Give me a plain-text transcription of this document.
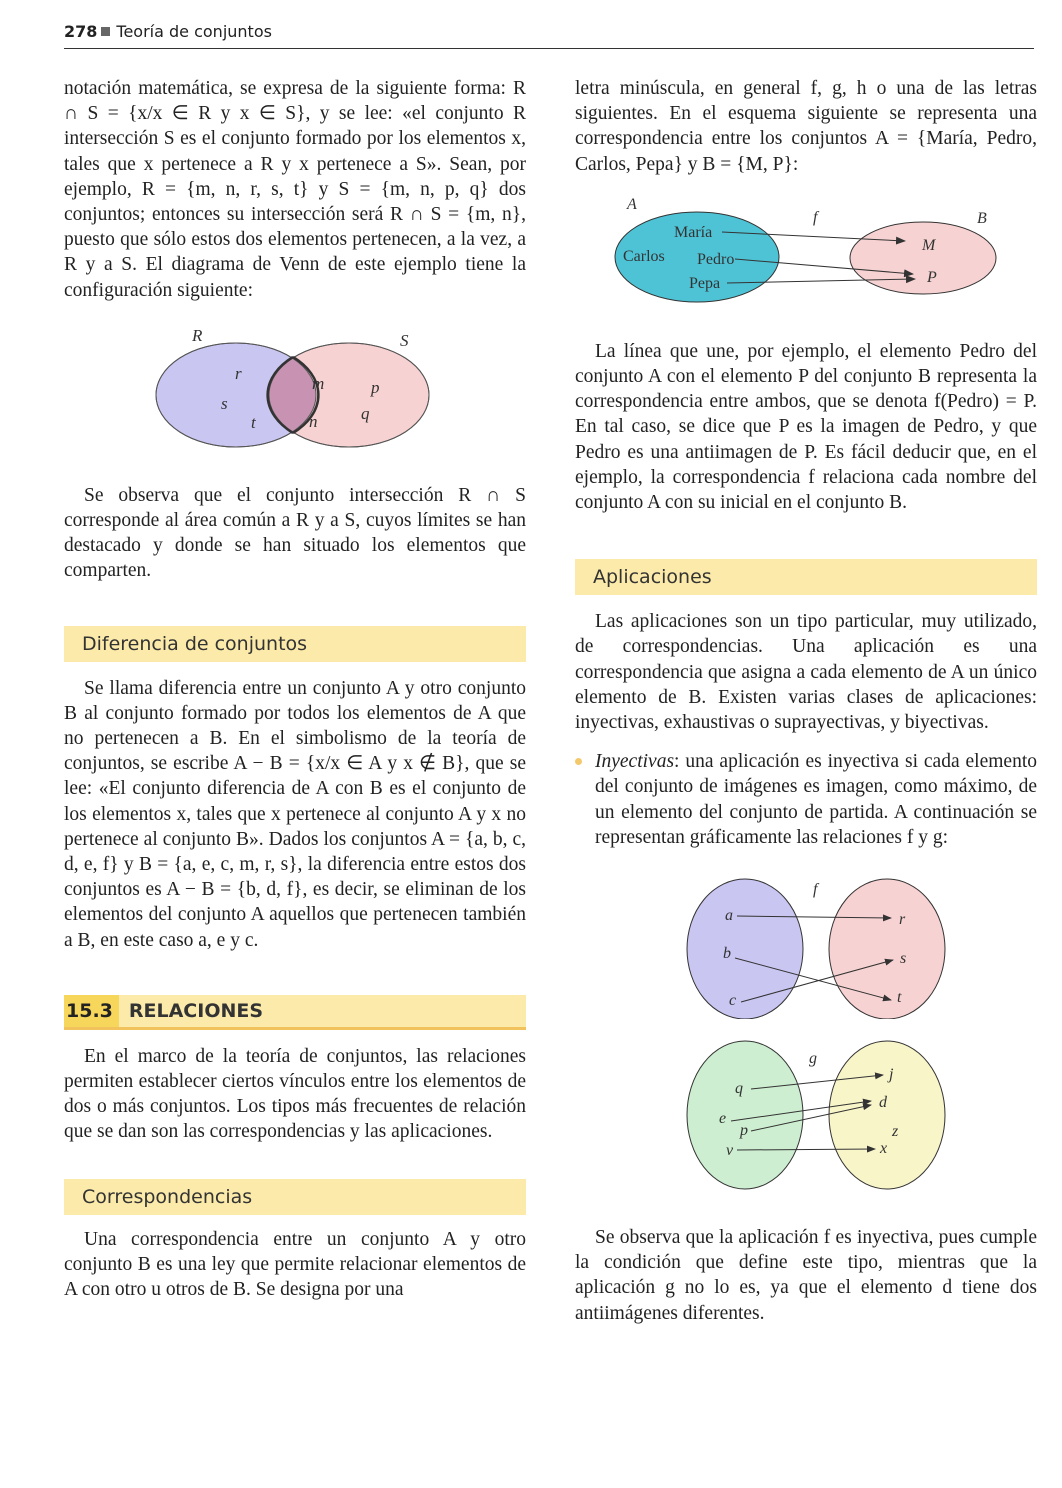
278 Teoría de conjuntos

notación matemática, se expresa de la siguiente forma: R ∩ S = {x/x ∈ R y x ∈ S}, y se lee: «el conjunto R intersección S es el conjunto formado por los elementos x, tales que x pertenece a R y x pertenece a S». Sean, por ejemplo, R = {m, n, r, s, t} y S = {m, n, p, q} dos conjuntos; entonces su intersección será R ∩ S = {m, n}, puesto que sólo estos dos elementos pertenecen, a la vez, a R y a S. El diagrama de Venn de este ejemplo tiene la configuración siguiente:

R	S
r
s
t
m
n
p
q

Se observa que el conjunto intersección R ∩ S corresponde al área común a R y a S, cuyos límites se han destacado y donde se han situado los elementos que comparten.

Diferencia de conjuntos

Se llama diferencia entre un conjunto A y otro conjunto B al conjunto formado por todos los elementos de A que no pertenecen a B. En el simbolismo de la teoría de conjuntos, se escribe A − B = {x/x ∈ A y x ∉ B}, que se lee: «El conjunto diferencia de A con B es el conjunto de los elementos x, tales que x pertenece al conjunto A y x no pertenece al conjunto B». Dados los conjuntos A = {a, b, c, d, e, f} y B = {a, e, c, m, r, s}, la diferencia entre estos dos conjuntos es A − B = {b, d, f}, es decir, se eliminan de los elementos del conjunto A aquellos que pertenecen también a B, en este caso a, e y c.

15.3 RELACIONES

En el marco de la teoría de conjuntos, las relaciones permiten establecer ciertos vínculos entre los elementos de dos o más conjuntos. Los tipos más frecuentes de relación que se dan son las correspondencias y las aplicaciones.

Correspondencias

Una correspondencia entre un conjunto A y otro conjunto B es una ley que permite relacionar elementos de A con otro u otros de B. Se designa por una

letra minúscula, en general f, g, h o una de las letras siguientes. En el esquema siguiente se representa una correspondencia entre los conjuntos A = {María, Pedro, Carlos, Pepa} y B = {M, P}:

A
B
f
María
Carlos Pedro
Pepa
M
P

La línea que une, por ejemplo, el elemento Pedro del conjunto A con el elemento P del conjunto B representa la correspondencia entre ambos, que se denota f(Pedro) = P. En tal caso, se dice que P es la imagen de Pedro, y que Pedro es una antiimagen de P. Es fácil deducir que, en el ejemplo, la correspondencia f relaciona cada nombre del conjunto A con su inicial en el conjunto B.

Aplicaciones

Las aplicaciones son un tipo particular, muy utilizado, de correspondencias. Una aplicación es una correspondencia que asigna a cada elemento de A un único elemento de B. Existen varias clases de aplicaciones: inyectivas, exhaustivas o suprayectivas, y biyectivas.

Inyectivas: una aplicación es inyectiva si cada elemento del conjunto de imágenes es imagen, como máximo, de un elemento del conjunto de partida. A continuación se representan gráficamente las relaciones f y g:

f
a
b
c
r
s
t
g
q
e
p
v
j
d
z
x

Se observa que la aplicación f es inyectiva, pues cumple la condición que define este tipo, mientras que la aplicación g no lo es, ya que el elemento d tiene dos antiimágenes diferentes.
